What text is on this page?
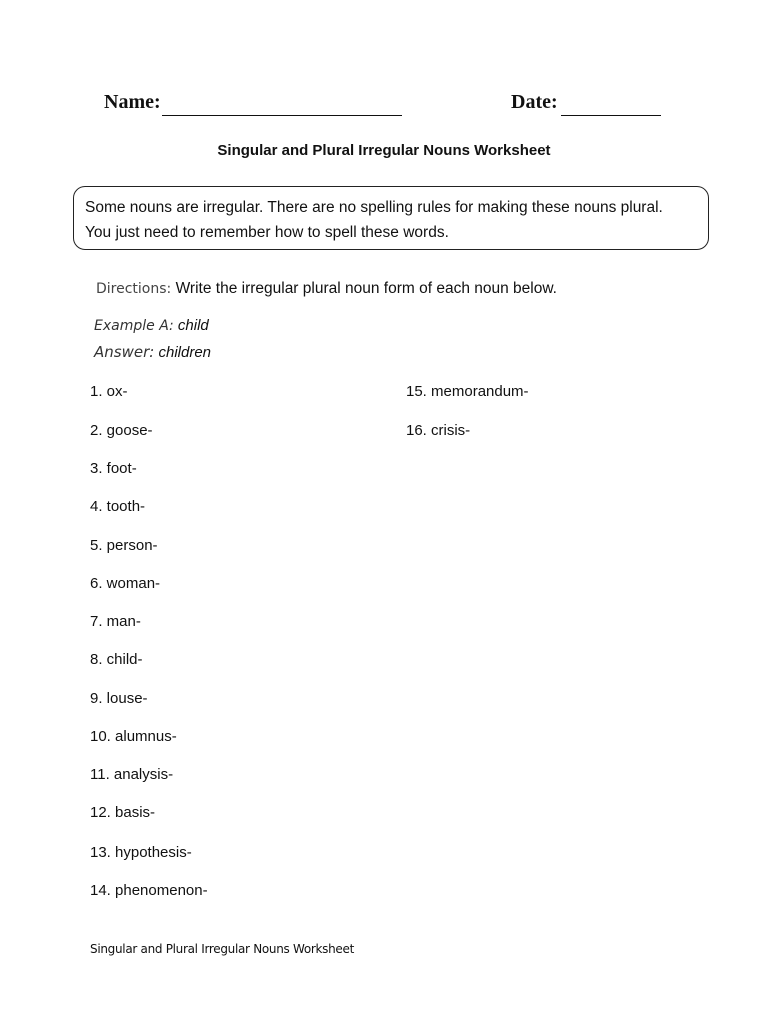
Name:	Date:
Singular and Plural Irregular Nouns Worksheet
Some nouns are irregular. There are no spelling rules for making these nouns plural.
You just need to remember how to spell these words.
Directions: Write the irregular plural noun form of each noun below.
Example A: child
Answer: children
1. ox-
2. goose-
3. foot-
4. tooth-
5. person-
6. woman-
7. man-
8. child-
9. louse-
10. alumnus-
11. analysis-
12. basis-
13. hypothesis-
14. phenomenon-
15. memorandum-
16. crisis-
Singular and Plural Irregular Nouns Worksheet
